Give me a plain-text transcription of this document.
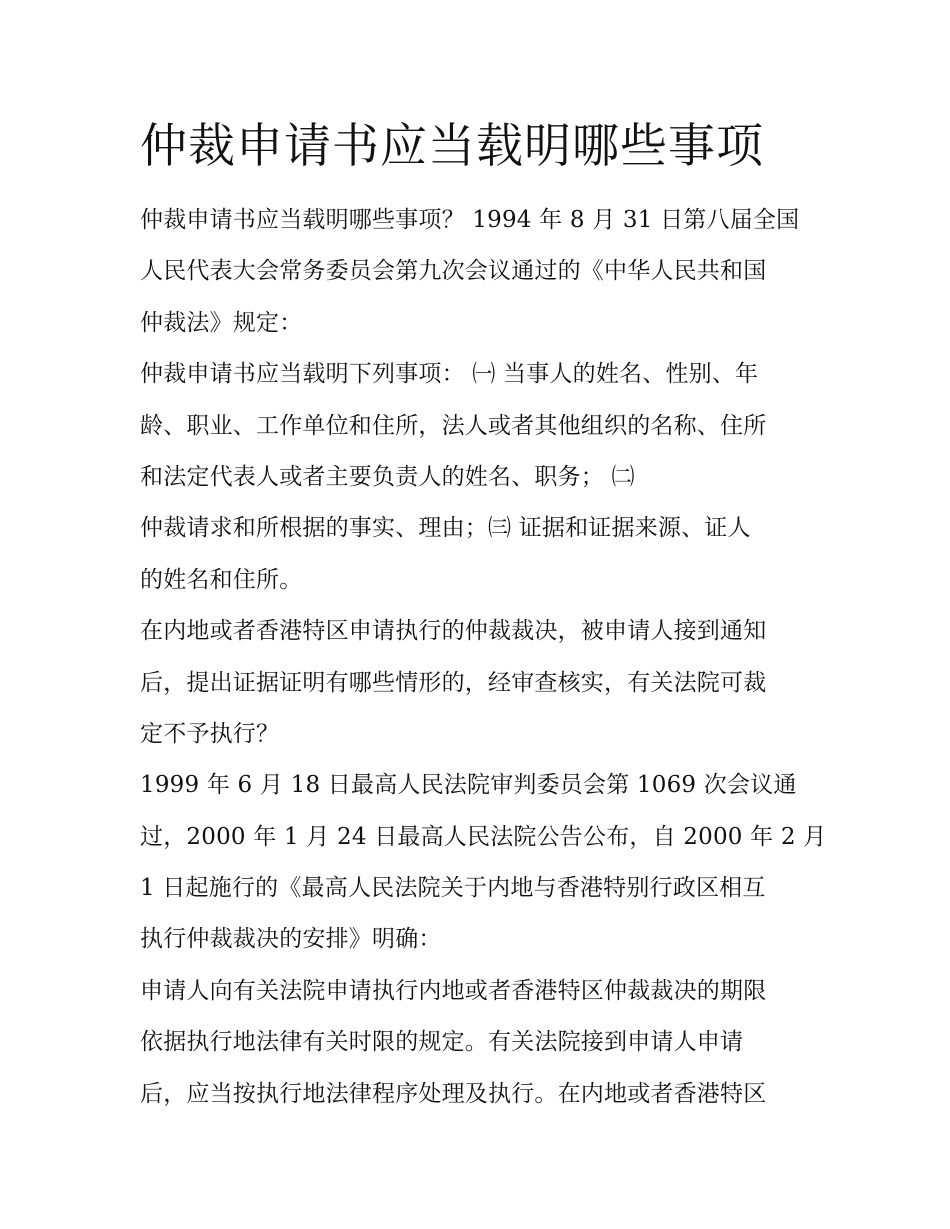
仲裁申请书应当载明哪些事项
仲裁申请书应当载明哪些事项？ 1994 年 8 月 31 日第八届全国
人民代表大会常务委员会第九次会议通过的《中华人民共和国
仲裁法》规定：
仲裁申请书应当载明下列事项： ㈠ 当事人的姓名、性别、年
龄、职业、工作单位和住所，法人或者其他组织的名称、住所
和法定代表人或者主要负责人的姓名、职务； ㈡
仲裁请求和所根据的事实、理由；㈢ 证据和证据来源、证人
的姓名和住所。
在内地或者香港特区申请执行的仲裁裁决，被申请人接到通知
后，提出证据证明有哪些情形的，经审查核实，有关法院可裁
定不予执行？
1999 年 6 月 18 日最高人民法院审判委员会第 1069 次会议通
过，2000 年 1 月 24 日最高人民法院公告公布，自 2000 年 2 月
1 日起施行的《最高人民法院关于内地与香港特别行政区相互
执行仲裁裁决的安排》明确：
申请人向有关法院申请执行内地或者香港特区仲裁裁决的期限
依据执行地法律有关时限的规定。有关法院接到申请人申请
后，应当按执行地法律程序处理及执行。在内地或者香港特区
